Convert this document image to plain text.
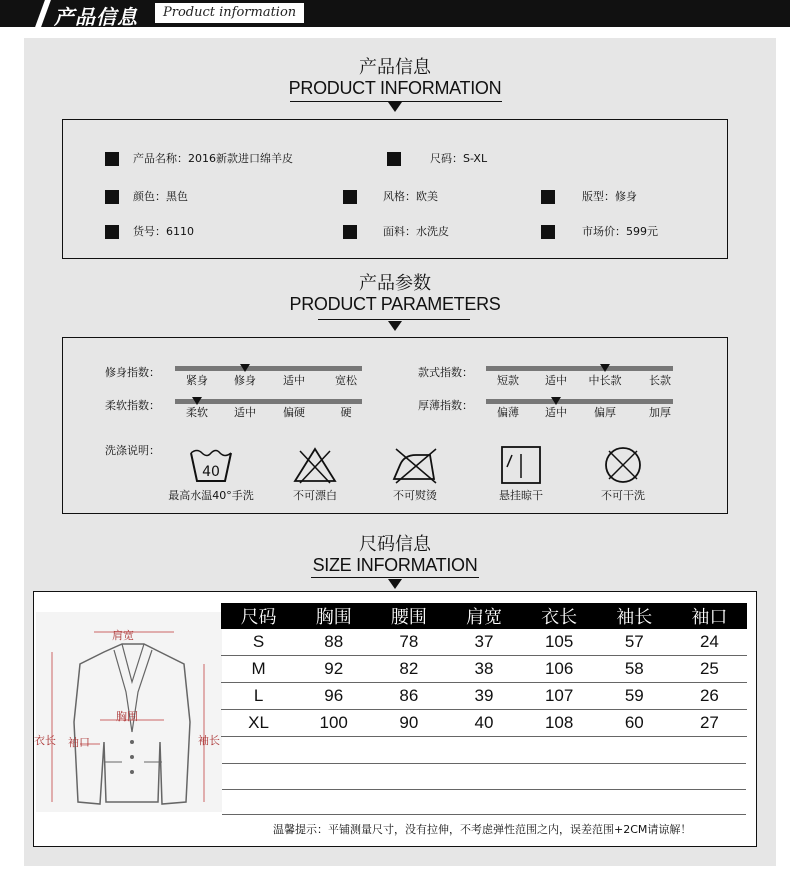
产品信息	Product information
产品信息
PRODUCT INFORMATION
产品名称：2016新款进口绵羊皮	尺码：S-XL
颜色：黑色	风格：欧美	版型：修身
货号：6110	面料：水洗皮	市场价：599元
产品参数
PRODUCT PARAMETERS
修身指数：
紧身 修身 适中	宽松
款式指数：
短款 适中 中长款	长款
柔软指数：
柔软 适中 偏硬	硬
厚薄指数：
偏薄 适中 偏厚	加厚
洗涤说明：
40
最高水温40°手洗	不可漂白	不可熨烫	悬挂晾干	不可干洗
尺码信息
SIZE INFORMATION
肩宽
胸围
衣长	袖长
袖口
尺码	胸围	腰围	肩宽	衣长	袖长	袖口
S	88	78	37	105	57	24
M	92	82	38	106	58	25
L	96	86	39	107	59	26
XL	100	90	40	108	60	27
温馨提示：平铺测量尺寸，没有拉伸，不考虑弹性范围之内，误差范围+2CM请谅解！
